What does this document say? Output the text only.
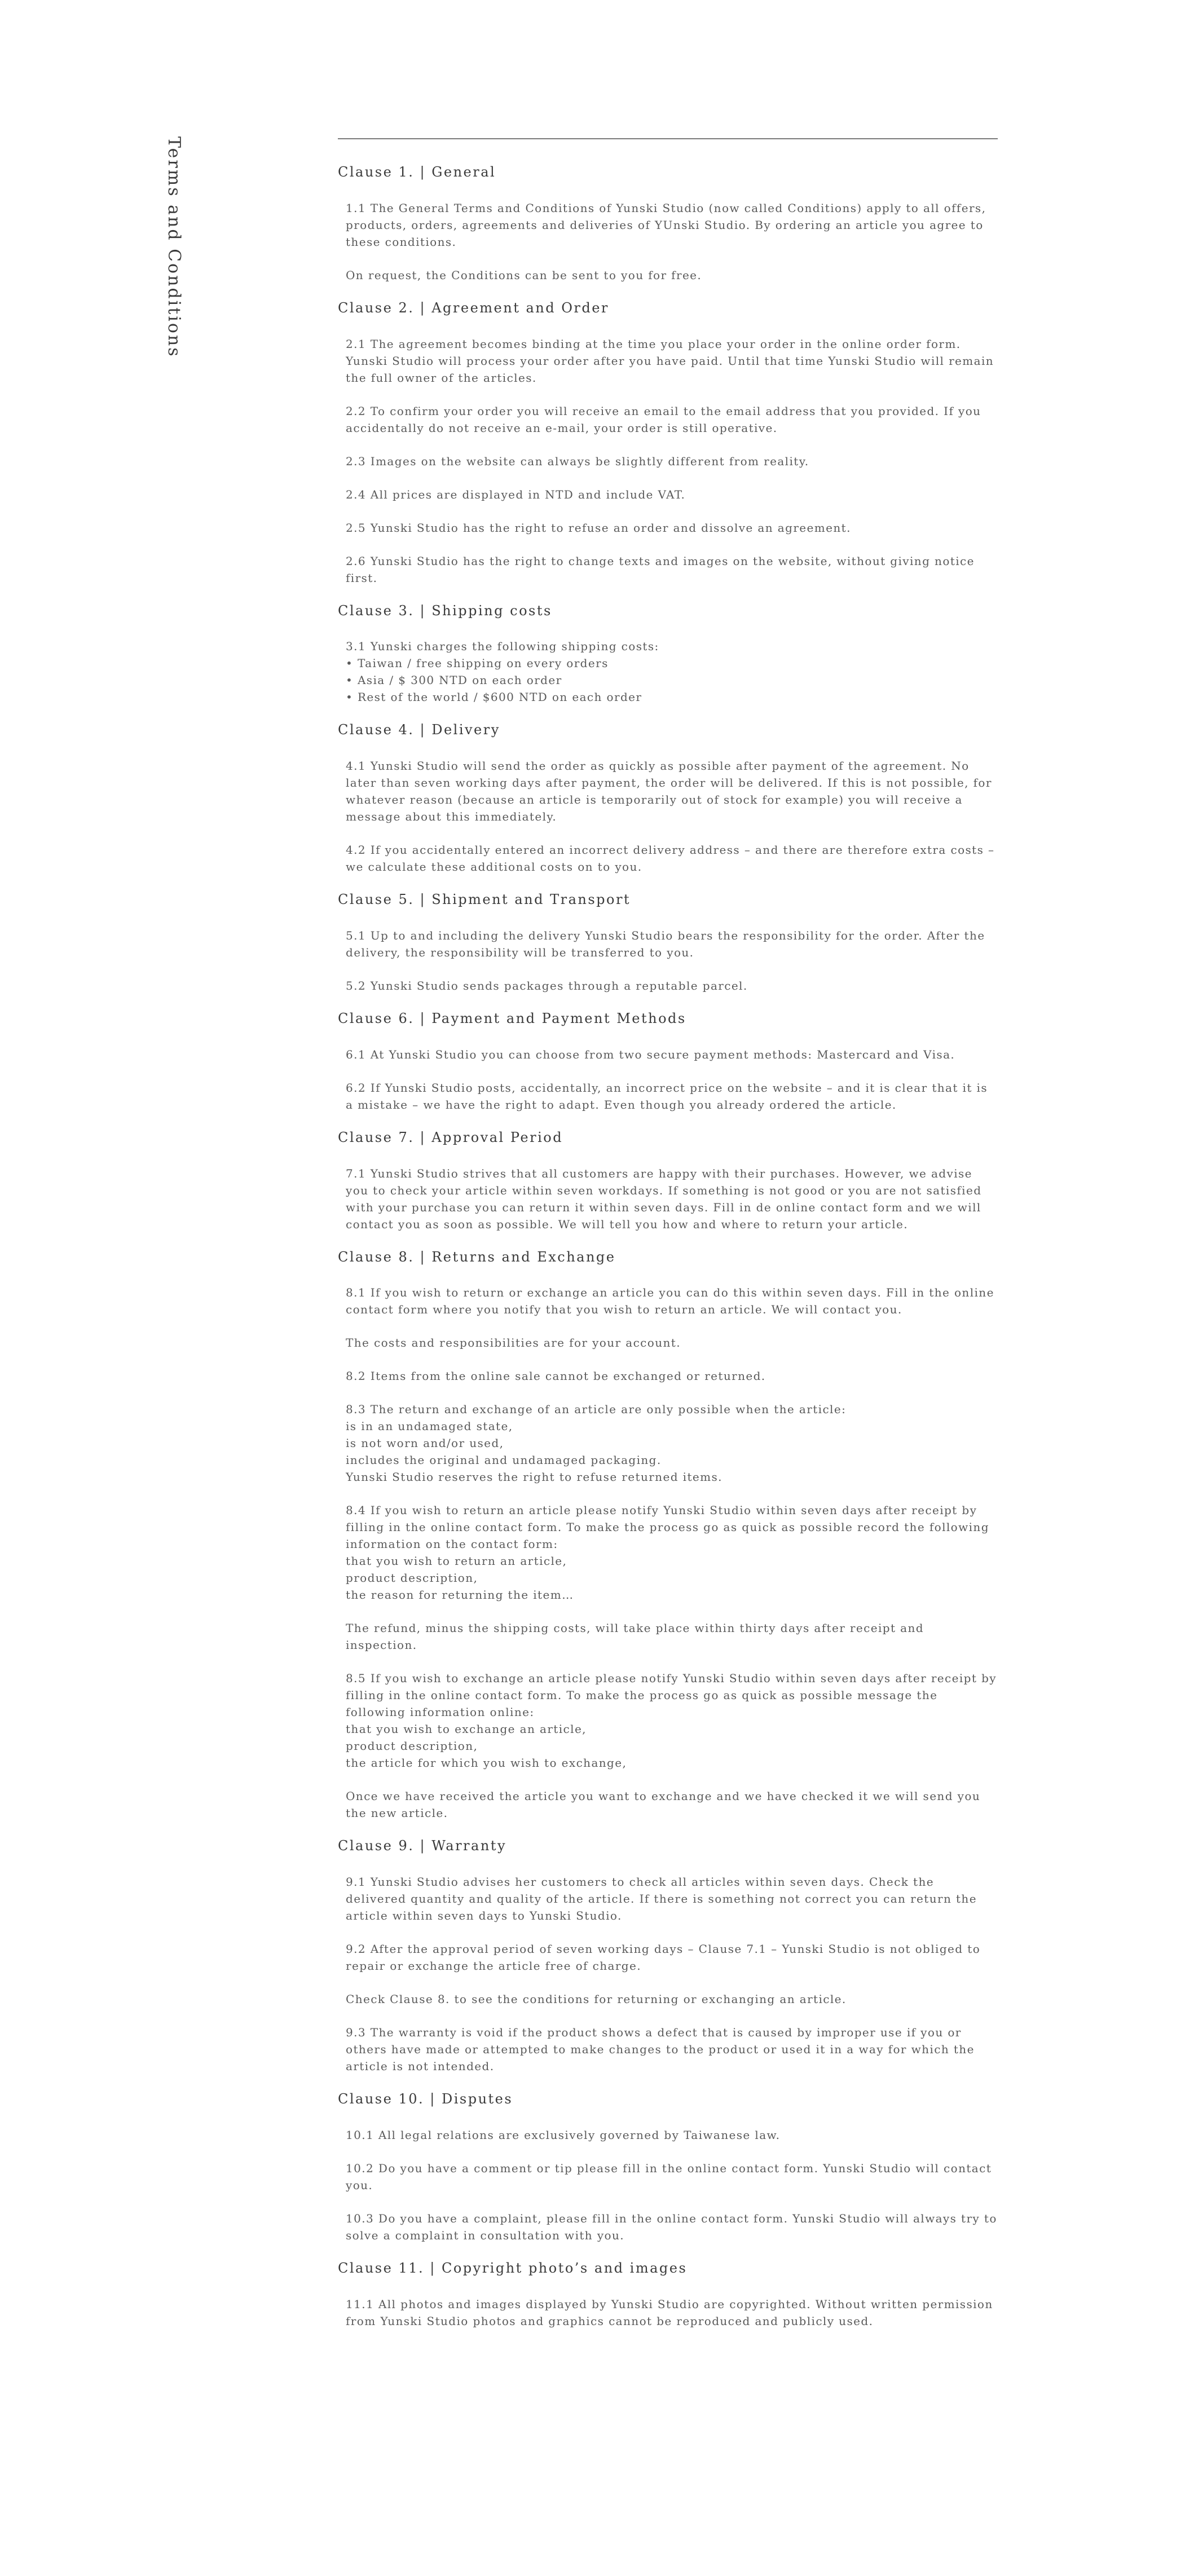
Terms and Conditions	Clause 1. | General

1.1 The General Terms and Conditions of Yunski Studio (now called Conditions) apply to all offers, products, orders, agreements and deliveries of YUnski Studio. By ordering an article you agree to these conditions.

On request, the Conditions can be sent to you for free.

Clause 2. | Agreement and Order

2.1 The agreement becomes binding at the time you place your order in the online order form. Yunski Studio will process your order after you have paid. Until that time Yunski Studio will remain the full owner of the articles.

2.2 To confirm your order you will receive an email to the email address that you provided. If you accidentally do not receive an e-mail, your order is still operative.

2.3 Images on the website can always be slightly different from reality.

2.4 All prices are displayed in NTD and include VAT.

2.5 Yunski Studio has the right to refuse an order and dissolve an agreement.

2.6 Yunski Studio has the right to change texts and images on the website, without giving notice first.

Clause 3. | Shipping costs

3.1 Yunski charges the following shipping costs:
• Taiwan / free shipping on every orders
• Asia / $ 300 NTD on each order
• Rest of the world / $600 NTD on each order

Clause 4. | Delivery

4.1 Yunski Studio will send the order as quickly as possible after payment of the agreement. No later than seven working days after payment, the order will be delivered. If this is not possible, for whatever reason (because an article is temporarily out of stock for example) you will receive a message about this immediately.

4.2 If you accidentally entered an incorrect delivery address – and there are therefore extra costs – we calculate these additional costs on to you.

Clause 5. | Shipment and Transport

5.1 Up to and including the delivery Yunski Studio bears the responsibility for the order. After the delivery, the responsibility will be transferred to you.

5.2 Yunski Studio sends packages through a reputable parcel.

Clause 6. | Payment and Payment Methods

6.1 At Yunski Studio you can choose from two secure payment methods: Mastercard and Visa.

6.2 If Yunski Studio posts, accidentally, an incorrect price on the website – and it is clear that it is a mistake – we have the right to adapt. Even though you already ordered the article.

Clause 7. | Approval Period

7.1 Yunski Studio strives that all customers are happy with their purchases. However, we advise you to check your article within seven workdays. If something is not good or you are not satisfied with your purchase you can return it within seven days. Fill in de online contact form and we will contact you as soon as possible. We will tell you how and where to return your article.

Clause 8. | Returns and Exchange

8.1 If you wish to return or exchange an article you can do this within seven days. Fill in the online contact form where you notify that you wish to return an article. We will contact you.

The costs and responsibilities are for your account.

8.2 Items from the online sale cannot be exchanged or returned.

8.3 The return and exchange of an article are only possible when the article:
is in an undamaged state,
is not worn and/or used,
includes the original and undamaged packaging.
Yunski Studio reserves the right to refuse returned items.

8.4 If you wish to return an article please notify Yunski Studio within seven days after receipt by filling in the online contact form. To make the process go as quick as possible record the following information on the contact form:
that you wish to return an article,
product description,
the reason for returning the item…

The refund, minus the shipping costs, will take place within thirty days after receipt and inspection.

8.5 If you wish to exchange an article please notify Yunski Studio within seven days after receipt by filling in the online contact form. To make the process go as quick as possible message the following information online:
that you wish to exchange an article,
product description,
the article for which you wish to exchange,

Once we have received the article you want to exchange and we have checked it we will send you the new article.

Clause 9. | Warranty

9.1 Yunski Studio advises her customers to check all articles within seven days. Check the delivered quantity and quality of the article. If there is something not correct you can return the article within seven days to Yunski Studio.

9.2 After the approval period of seven working days – Clause 7.1 – Yunski Studio is not obliged to repair or exchange the article free of charge.

Check Clause 8. to see the conditions for returning or exchanging an article.

9.3 The warranty is void if the product shows a defect that is caused by improper use if you or others have made or attempted to make changes to the product or used it in a way for which the article is not intended.

Clause 10. | Disputes

10.1 All legal relations are exclusively governed by Taiwanese law.

10.2 Do you have a comment or tip please fill in the online contact form. Yunski Studio will contact you.

10.3 Do you have a complaint, please fill in the online contact form. Yunski Studio will always try to solve a complaint in consultation with you.

Clause 11. | Copyright photo’s and images

11.1 All photos and images displayed by Yunski Studio are copyrighted. Without written permission from Yunski Studio photos and graphics cannot be reproduced and publicly used.
